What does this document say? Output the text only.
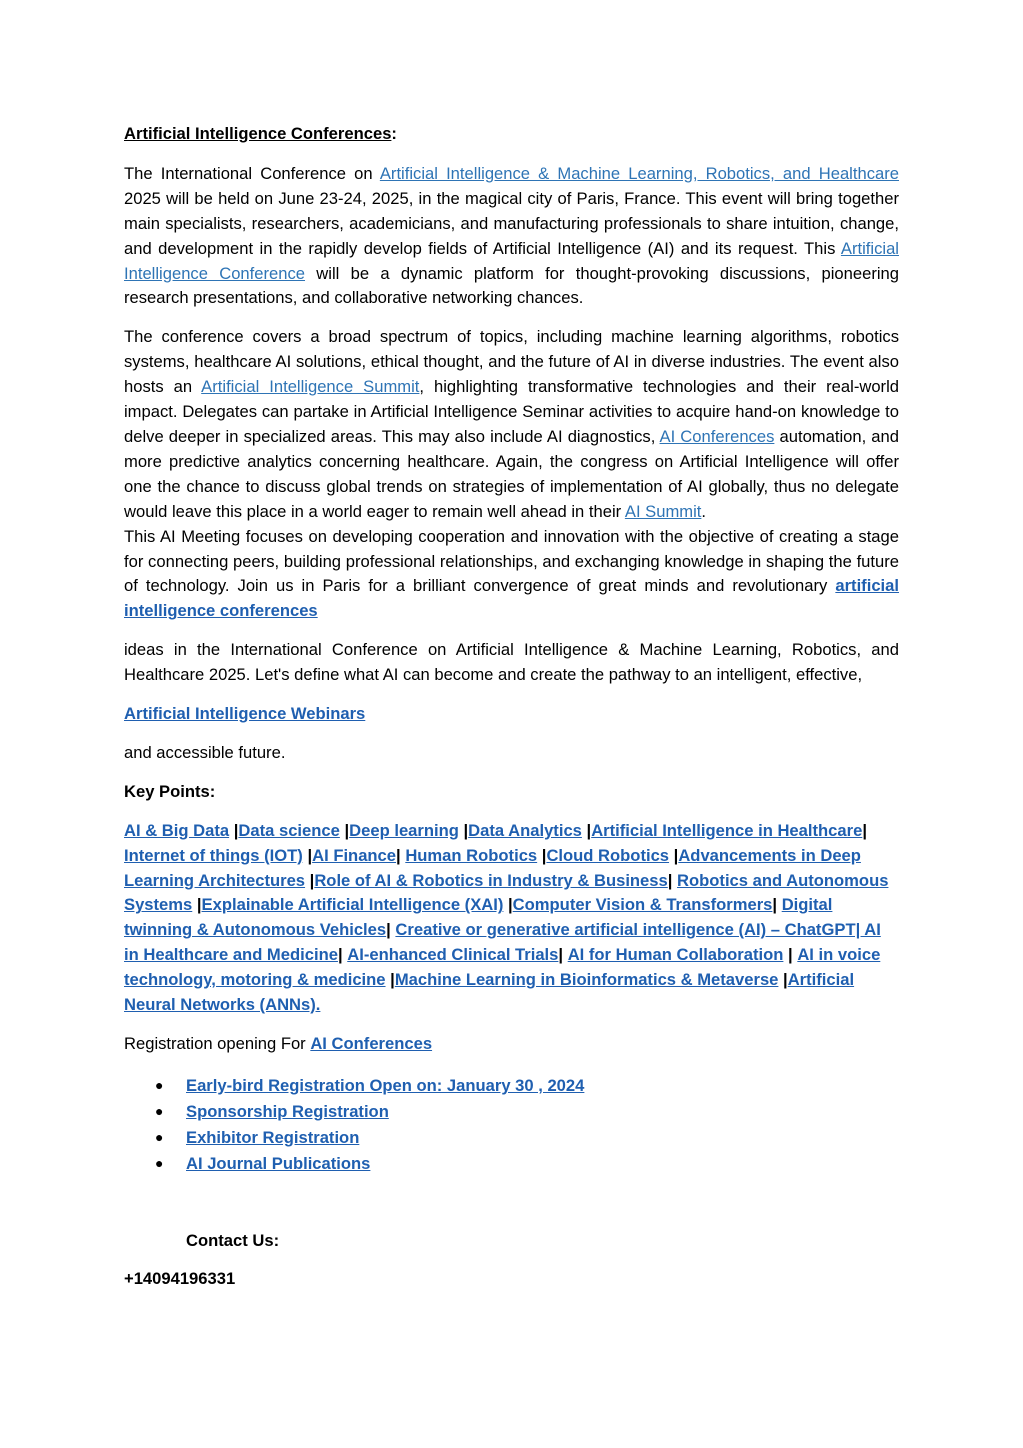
Artificial Intelligence Conferences:

The International Conference on Artificial Intelligence & Machine Learning, Robotics, and Healthcare 2025 will be held on June 23-24, 2025, in the magical city of Paris, France. This event will bring together main specialists, researchers, academicians, and manufacturing professionals to share intuition, change, and development in the rapidly develop fields of Artificial Intelligence (AI) and its request. This Artificial Intelligence Conference will be a dynamic platform for thought-provoking discussions, pioneering research presentations, and collaborative networking chances.

The conference covers a broad spectrum of topics, including machine learning algorithms, robotics systems, healthcare AI solutions, ethical thought, and the future of AI in diverse industries. The event also hosts an Artificial Intelligence Summit, highlighting transformative technologies and their real-world impact. Delegates can partake in Artificial Intelligence Seminar activities to acquire hand-on knowledge to delve deeper in specialized areas. This may also include AI diagnostics, AI Conferences automation, and more predictive analytics concerning healthcare. Again, the congress on Artificial Intelligence will offer one the chance to discuss global trends on strategies of implementation of AI globally, thus no delegate would leave this place in a world eager to remain well ahead in their AI Summit.

This AI Meeting focuses on developing cooperation and innovation with the objective of creating a stage for connecting peers, building professional relationships, and exchanging knowledge in shaping the future of technology. Join us in Paris for a brilliant convergence of great minds and revolutionary artificial intelligence conferences

ideas in the International Conference on Artificial Intelligence & Machine Learning, Robotics, and Healthcare 2025. Let's define what AI can become and create the pathway to an intelligent, effective,

Artificial Intelligence Webinars

and accessible future.

Key Points:

AI & Big Data |Data science |Deep learning |Data Analytics |Artificial Intelligence in Healthcare| Internet of things (IOT) |AI Finance| Human Robotics |Cloud Robotics |Advancements in Deep Learning Architectures |Role of AI & Robotics in Industry & Business| Robotics and Autonomous Systems |Explainable Artificial Intelligence (XAI) |Computer Vision & Transformers| Digital twinning & Autonomous Vehicles| Creative or generative artificial intelligence (AI) – ChatGPT| AI in Healthcare and Medicine| AI-enhanced Clinical Trials| AI for Human Collaboration | AI in voice technology, motoring & medicine |Machine Learning in Bioinformatics & Metaverse |Artificial Neural Networks (ANNs).

Registration opening For AI Conferences

● Early-bird Registration Open on: January 30 , 2024
● Sponsorship Registration
● Exhibitor Registration
● AI Journal Publications

Contact Us:

+14094196331
